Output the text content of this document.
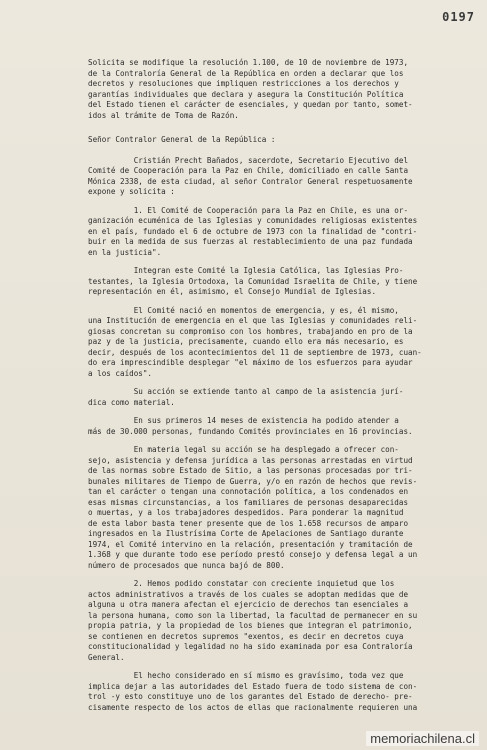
0197

Solicita se modifique la resolución 1.100, de 10 de noviembre de 1973,
de la Contraloría General de la República en orden a declarar que los
decretos y resoluciones que impliquen restricciones a los derechos y
garantías individuales que declara y asegura la Constitución Política
del Estado tienen el carácter de esenciales, y quedan por tanto, somet-
idos al trámite de Toma de Razón.

Señor Contralor General de la República :

Cristián Precht Bañados, sacerdote, Secretario Ejecutivo del
Comité de Cooperación para la Paz en Chile, domiciliado en calle Santa
Mónica 2338, de esta ciudad, al señor Contralor General respetuosamente
expone y solicita :

1. El Comité de Cooperación para la Paz en Chile, es una or-
ganización ecuménica de las Iglesias y comunidades religiosas existentes
en el país, fundado el 6 de octubre de 1973 con la finalidad de "contri-
buir en la medida de sus fuerzas al restablecimiento de una paz fundada
en la justicia".

Integran este Comité la Iglesia Católica, las Iglesias Pro-
testantes, la Iglesia Ortodoxa, la Comunidad Israelita de Chile, y tiene
representación en él, asimismo, el Consejo Mundial de Iglesias.

El Comité nació en momentos de emergencia, y es, él mismo,
una Institución de emergencia en el que las Iglesias y comunidades reli-
giosas concretan su compromiso con los hombres, trabajando en pro de la
paz y de la justicia, precisamente, cuando ello era más necesario, es
decir, después de los acontecimientos del 11 de septiembre de 1973, cuan-
do era imprescindible desplegar "el máximo de los esfuerzos para ayudar
a los caídos".

Su acción se extiende tanto al campo de la asistencia jurí-
dica como material.

En sus primeros 14 meses de existencia ha podido atender a
más de 30.000 personas, fundando Comités provinciales en 16 provincias.

En materia legal su acción se ha desplegado a ofrecer con-
sejo, asistencia y defensa jurídica a las personas arrestadas en virtud
de las normas sobre Estado de Sitio, a las personas procesadas por tri-
bunales militares de Tiempo de Guerra, y/o en razón de hechos que revis-
tan el carácter o tengan una connotación política, a los condenados en
esas mismas circunstancias, a los familiares de personas desaparecidas
o muertas, y a los trabajadores despedidos. Para ponderar la magnitud
de esta labor basta tener presente que de los 1.658 recursos de amparo
ingresados en la Ilustrísima Corte de Apelaciones de Santiago durante
1974, el Comité intervino en la relación, presentación y tramitación de
1.368 y que durante todo ese período prestó consejo y defensa legal a un
número de procesados que nunca bajó de 800.

2. Hemos podido constatar con creciente inquietud que los
actos administrativos a través de los cuales se adoptan medidas que de
alguna u otra manera afectan el ejercicio de derechos tan esenciales a
la persona humana, como son la libertad, la facultad de permanecer en su
propia patria, y la propiedad de los bienes que integran el patrimonio,
se contienen en decretos supremos "exentos, es decir en decretos cuya
constitucionalidad y legalidad no ha sido examinada por esa Contraloría
General.

El hecho considerado en sí mismo es gravísimo, toda vez que
implica dejar a las autoridades del Estado fuera de todo sistema de con-
trol -y esto constituye uno de los garantes del Estado de derecho- pre-
cisamente respecto de los actos de ellas que racionalmente requieren una

memoriachilena.cl
